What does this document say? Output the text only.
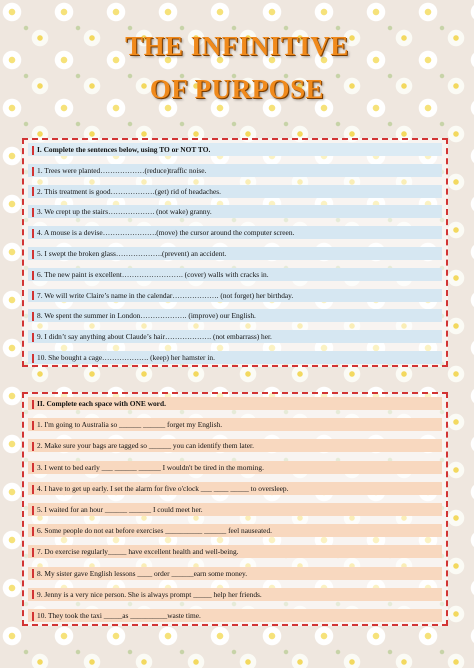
THE INFINITIVE
OF PURPOSE
I. Complete the sentences below, using TO or NOT TO.
1. Trees were planted………………(reduce)traffic noise.
2. This treatment is good………………(get) rid of headaches.
3. We crept up the stairs………………. (not wake) granny.
4. A mouse is a devise………………….(move) the cursor around the computer screen.
5. I swept the broken glass……………….(prevent) an accident.
6. The new paint is excellent……………………. (cover) walls with cracks in.
7. We will write Claire’s name in the calendar………………. (not forget) her birthday.
8. We spent the summer in London………………. (improve) our English.
9. I didn’t say anything about Claude’s hair………………. (not embarrass) her.
10. She bought a cage………………. (keep) her hamster in.
II. Complete each space with ONE word.
1. I'm going to Australia so ______ ______ forget my English.
2. Make sure your bags are tagged so ______ you can identify them later.
3. I went to bed early ___ ______ ______ I wouldn't be tired in the morning.
4. I have to get up early. I set the alarm for five o'clock ___ ____ _____ to oversleep.
5. I waited for an hour ______ ______ I could meet her.
6. Some people do not eat before exercises __________ ______ feel nauseated.
7. Do exercise regularly_____ have excellent health and well-being.
8. My sister gave English lessons ____ order ______earn some money.
9. Jenny is a very nice person. She is always prompt _____ help her friends.
10. They took the taxi _____as __________waste time.
